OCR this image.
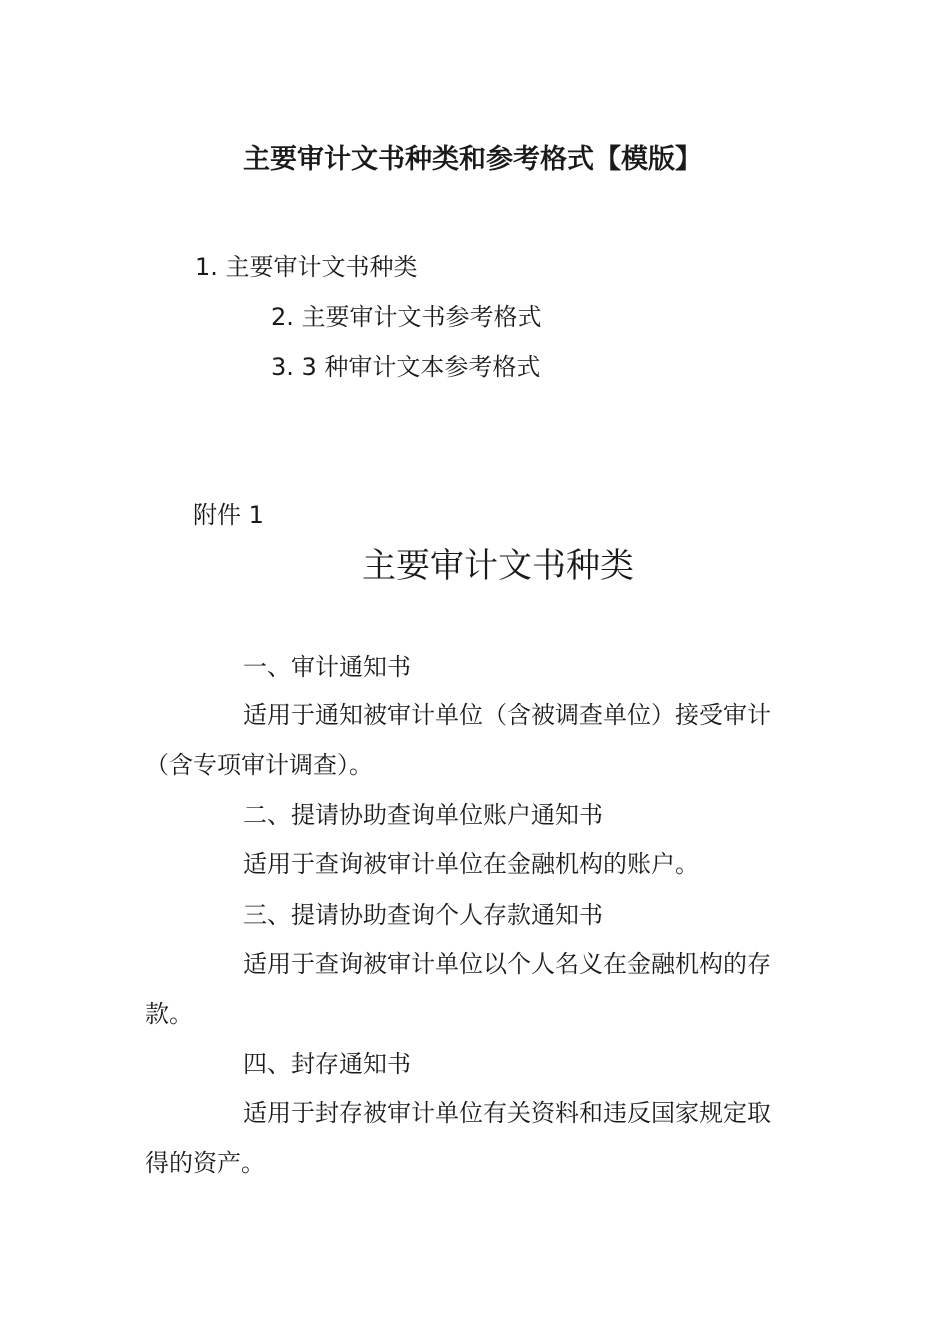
主要审计文书种类和参考格式【模版】
1. 主要审计文书种类
2. 主要审计文书参考格式
3. 3 种审计文本参考格式
附件 1
主要审计文书种类
一、审计通知书
适用于通知被审计单位（含被调查单位）接受审计
（含专项审计调查）。
二、提请协助查询单位账户通知书
适用于查询被审计单位在金融机构的账户。
三、提请协助查询个人存款通知书
适用于查询被审计单位以个人名义在金融机构的存
款。
四、封存通知书
适用于封存被审计单位有关资料和违反国家规定取
得的资产。
